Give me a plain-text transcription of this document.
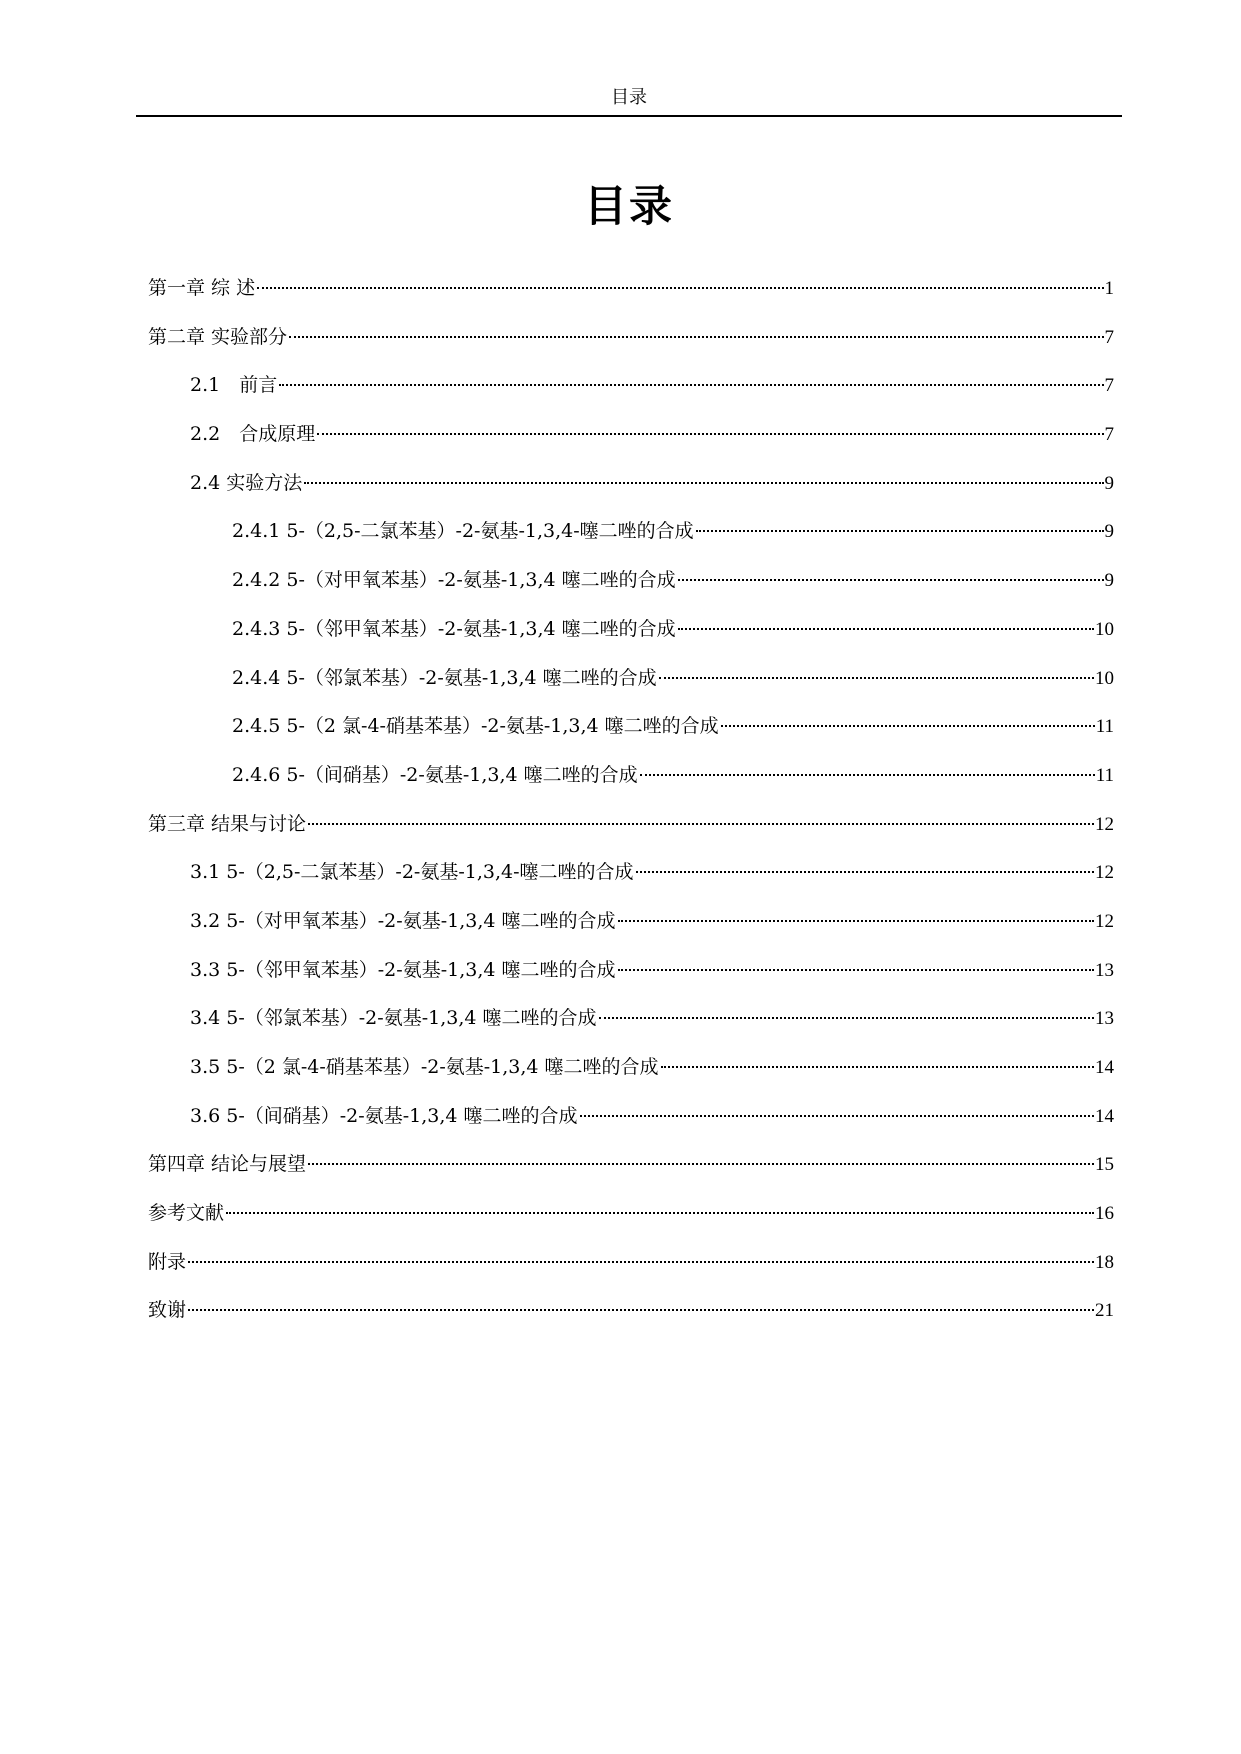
目录
目录
第一章 综 述	1
第二章 实验部分	7
2.1　前言	7
2.2　合成原理	7
2.4 实验方法	9
2.4.1 5-（2,5-二氯苯基）-2-氨基-1,3,4-噻二唑的合成	9
2.4.2 5-（对甲氧苯基）-2-氨基-1,3,4 噻二唑的合成	9
2.4.3 5-（邻甲氧苯基）-2-氨基-1,3,4 噻二唑的合成	10
2.4.4 5-（邻氯苯基）-2-氨基-1,3,4 噻二唑的合成	10
2.4.5 5-（2 氯-4-硝基苯基）-2-氨基-1,3,4 噻二唑的合成	11
2.4.6 5-（间硝基）-2-氨基-1,3,4 噻二唑的合成	11
第三章 结果与讨论	12
3.1 5-（2,5-二氯苯基）-2-氨基-1,3,4-噻二唑的合成	12
3.2 5-（对甲氧苯基）-2-氨基-1,3,4 噻二唑的合成	12
3.3 5-（邻甲氧苯基）-2-氨基-1,3,4 噻二唑的合成	13
3.4 5-（邻氯苯基）-2-氨基-1,3,4 噻二唑的合成	13
3.5 5-（2 氯-4-硝基苯基）-2-氨基-1,3,4 噻二唑的合成	14
3.6 5-（间硝基）-2-氨基-1,3,4 噻二唑的合成	14
第四章 结论与展望	15
参考文献	16
附录	18
致谢	21
